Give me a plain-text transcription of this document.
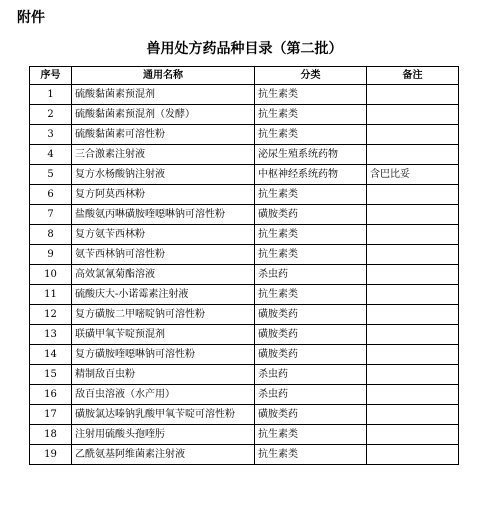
附件
兽用处方药品种目录（第二批）
序号	通用名称	分类	备注
1	硫酸黏菌素预混剂	抗生素类	
2	硫酸黏菌素预混剂（发酵）	抗生素类	
3	硫酸黏菌素可溶性粉	抗生素类	
4	三合激素注射液	泌尿生殖系统药物	
5	复方水杨酸钠注射液	中枢神经系统药物	含巴比妥
6	复方阿莫西林粉	抗生素类	
7	盐酸氨丙啉磺胺喹噁啉钠可溶性粉	磺胺类药	
8	复方氨苄西林粉	抗生素类	
9	氨苄西林钠可溶性粉	抗生素类	
10	高效氯氰菊酯溶液	杀虫药	
11	硫酸庆大-小诺霉素注射液	抗生素类	
12	复方磺胺二甲嘧啶钠可溶性粉	磺胺类药	
13	联磺甲氧苄啶预混剂	磺胺类药	
14	复方磺胺喹噁啉钠可溶性粉	磺胺类药	
15	精制敌百虫粉	杀虫药	
16	敌百虫溶液（水产用）	杀虫药	
17	磺胺氯达嗪钠乳酸甲氧苄啶可溶性粉	磺胺类药	
18	注射用硫酸头孢喹肟	抗生素类	
19	乙酰氨基阿维菌素注射液	抗生素类	
